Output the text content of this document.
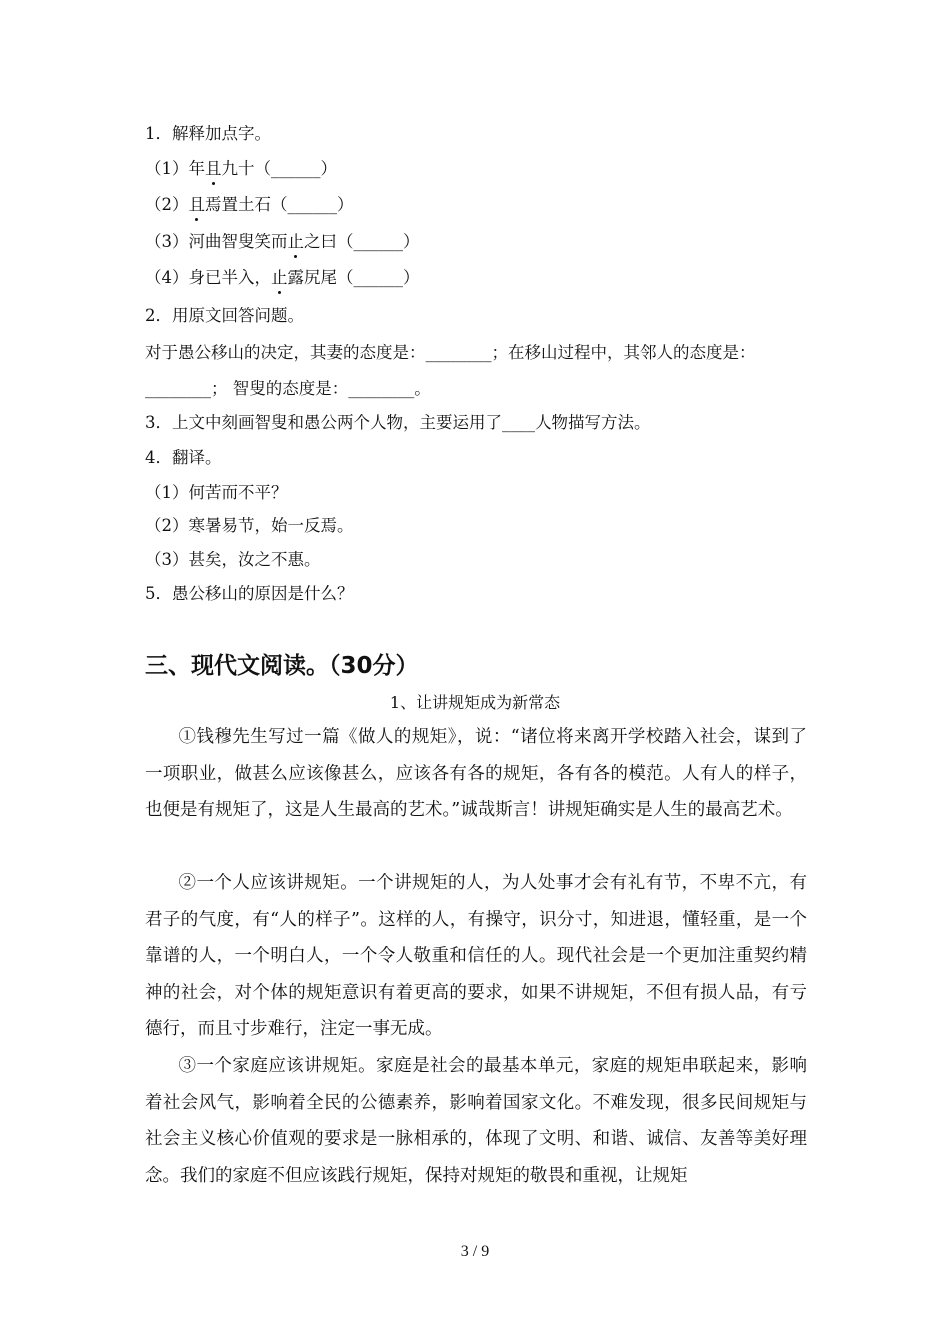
1．解释加点字。
（1）年且九十（______）
（2）且焉置土石（______）
（3）河曲智叟笑而止之曰（______）
（4）身已半入，止露尻尾（______）
2．用原文回答问题。
对于愚公移山的决定，其妻的态度是：________；在移山过程中，其邻人的态度是：
________； 智叟的态度是：________。
3．上文中刻画智叟和愚公两个人物，主要运用了____人物描写方法。
4．翻译。
（1）何苦而不平？
（2）寒暑易节，始一反焉。
（3）甚矣，汝之不惠。
5．愚公移山的原因是什么？
三、现代文阅读。（30分）
1、让讲规矩成为新常态
①钱穆先生写过一篇《做人的规矩》，说：“诸位将来离开学校踏入社会，谋到了一项职业，做甚么应该像甚么，应该各有各的规矩，各有各的模范。人有人的样子，也便是有规矩了，这是人生最高的艺术。”诚哉斯言！讲规矩确实是人生的最高艺术。
②一个人应该讲规矩。一个讲规矩的人，为人处事才会有礼有节，不卑不亢，有君子的气度，有“人的样子”。这样的人，有操守，识分寸，知进退，懂轻重，是一个靠谱的人，一个明白人，一个令人敬重和信任的人。现代社会是一个更加注重契约精神的社会，对个体的规矩意识有着更高的要求，如果不讲规矩，不但有损人品，有亏德行，而且寸步难行，注定一事无成。
③一个家庭应该讲规矩。家庭是社会的最基本单元，家庭的规矩串联起来，影响着社会风气，影响着全民的公德素养，影响着国家文化。不难发现，很多民间规矩与社会主义核心价值观的要求是一脉相承的，体现了文明、和谐、诚信、友善等美好理念。我们的家庭不但应该践行规矩，保持对规矩的敬畏和重视，让规矩
3 / 9
